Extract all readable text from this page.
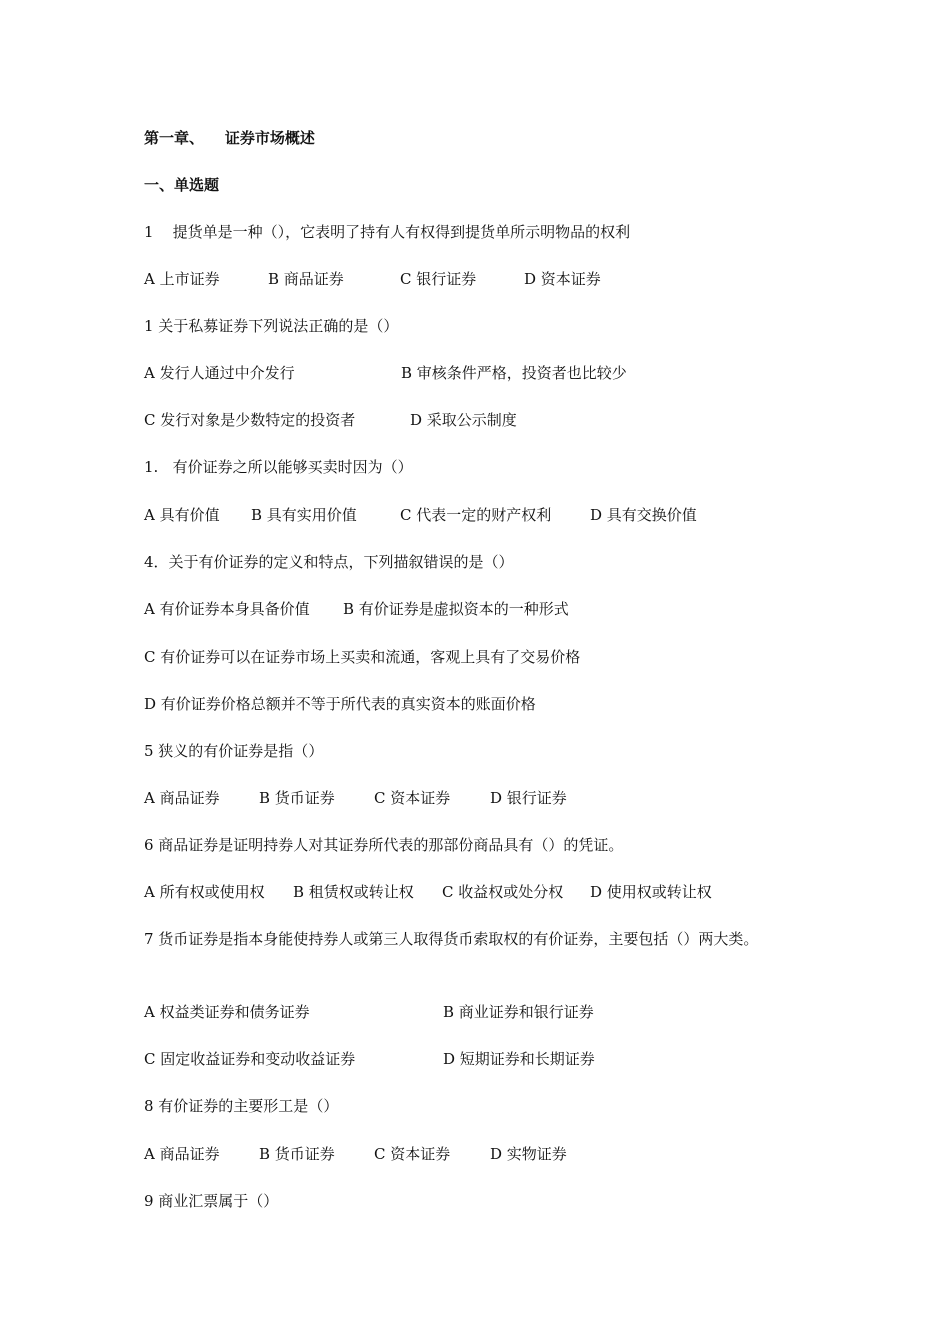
第一章、    证券市场概述
一、单选题
1    提货单是一种（），它表明了持有人有权得到提货单所示明物品的权利
A 上市证券	B 商品证券	C 银行证券	D 资本证券
1 关于私募证券下列说法正确的是（）
A 发行人通过中介发行	B 审核条件严格，投资者也比较少
C 发行对象是少数特定的投资者	D 采取公示制度
1.   有价证券之所以能够买卖时因为（）
A 具有价值 B 具有实用价值	C 代表一定的财产权利	D 具有交换价值
4．关于有价证券的定义和特点，下列描叙错误的是（）
A 有价证券本身具备价值 B 有价证券是虚拟资本的一种形式
C 有价证券可以在证券市场上买卖和流通，客观上具有了交易价格
D 有价证券价格总额并不等于所代表的真实资本的账面价格
5 狭义的有价证券是指（）
A 商品证券	B 货币证券	C 资本证券	D 银行证券
6 商品证券是证明持券人对其证券所代表的那部份商品具有（）的凭证。
A 所有权或使用权 B 租赁权或转让权 C 收益权或处分权 D 使用权或转让权
7 货币证券是指本身能使持券人或第三人取得货币索取权的有价证券，主要包括（）两大类。
A 权益类证券和债务证券	B 商业证券和银行证券
C 固定收益证券和变动收益证券	D 短期证券和长期证券
8 有价证券的主要形工是（）
A 商品证券	B 货币证券	C 资本证券	D 实物证券
9 商业汇票属于（）
